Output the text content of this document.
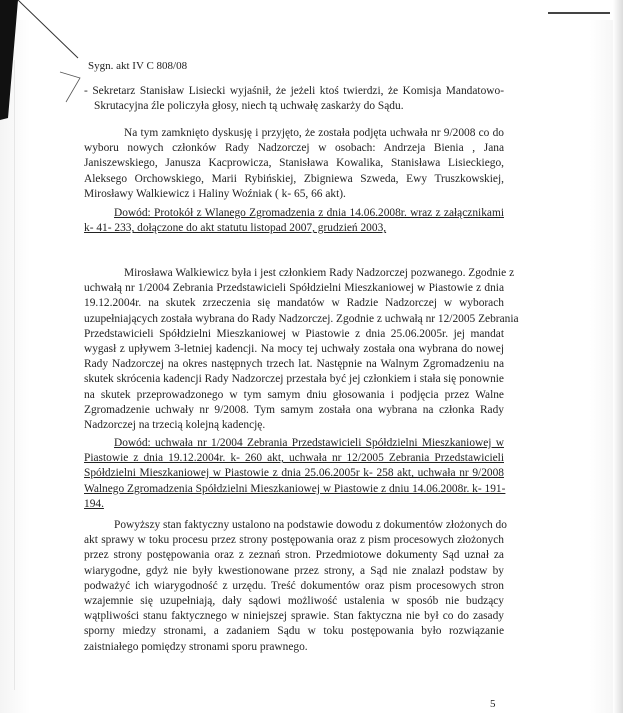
Sygn. akt IV C 808/08
- Sekretarz Stanisław Lisiecki wyjaśnił, że jeżeli ktoś twierdzi, że Komisja Mandatowo-
Skrutacyjna źle policzyła głosy, niech tą uchwałę zaskarży do Sądu.
Na tym zamknięto dyskusję i przyjęto, że została podjęta uchwała nr 9/2008 co do
wyboru nowych członków Rady Nadzorczej w osobach: Andrzeja Bienia , Jana
Janiszewskiego, Janusza Kacprowicza, Stanisława Kowalika, Stanisława Lisieckiego,
Aleksego Orchowskiego, Marii Rybińskiej, Zbigniewa Szweda, Ewy Truszkowskiej,
Mirosławy Walkiewicz i Haliny Woźniak ( k- 65, 66 akt).
Dowód: Protokół z Wlanego Zgromadzenia z dnia 14.06.2008r. wraz z załącznikami
k- 41- 233, dołączone do akt statutu listopad 2007, grudzień 2003,
Mirosława Walkiewicz była i jest członkiem Rady Nadzorczej pozwanego. Zgodnie z
uchwałą nr 1/2004 Zebrania Przedstawicieli Spółdzielni Mieszkaniowej w Piastowie z dnia
19.12.2004r. na skutek zrzeczenia się mandatów w Radzie Nadzorczej w wyborach
uzupełniających została wybrana do Rady Nadzorczej. Zgodnie z uchwałą nr 12/2005 Zebrania
Przedstawicieli Spółdzielni Mieszkaniowej w Piastowie z dnia 25.06.2005r. jej mandat
wygasł z upływem 3-letniej kadencji. Na mocy tej uchwały została ona wybrana do nowej
Rady Nadzorczej na okres następnych trzech lat. Następnie na Walnym Zgromadzeniu na
skutek skrócenia kadencji Rady Nadzorczej przestała być jej członkiem i stała się ponownie
na skutek przeprowadzonego w tym samym dniu głosowania i podjęcia przez Walne
Zgromadzenie uchwały nr 9/2008. Tym samym została ona wybrana na członka Rady
Nadzorczej na trzecią kolejną kadencję.
Dowód: uchwała nr 1/2004 Zebrania Przedstawicieli Spółdzielni Mieszkaniowej w
Piastowie z dnia 19.12.2004r. k- 260 akt, uchwała nr 12/2005 Zebrania Przedstawicieli
Spółdzielni Mieszkaniowej w Piastowie z dnia 25.06.2005r k- 258 akt, uchwała nr 9/2008
Walnego Zgromadzenia Spółdzielni Mieszkaniowej w Piastowie z dniu 14.06.2008r. k- 191-
194.
Powyższy stan faktyczny ustalono na podstawie dowodu z dokumentów złożonych do
akt sprawy w toku procesu przez strony postępowania oraz z pism procesowych złożonych
przez strony postępowania oraz z zeznań stron. Przedmiotowe dokumenty Sąd uznał za
wiarygodne, gdyż nie były kwestionowane przez strony, a Sąd nie znalazł podstaw by
podważyć ich wiarygodność z urzędu. Treść dokumentów oraz pism procesowych stron
wzajemnie się uzupełniają, dały sądowi możliwość ustalenia w sposób nie budzący
wątpliwości stanu faktycznego w niniejszej sprawie. Stan faktyczna nie był co do zasady
sporny miedzy stronami, a zadaniem Sądu w toku postępowania było rozwiązanie
zaistniałego pomiędzy stronami sporu prawnego.
5
